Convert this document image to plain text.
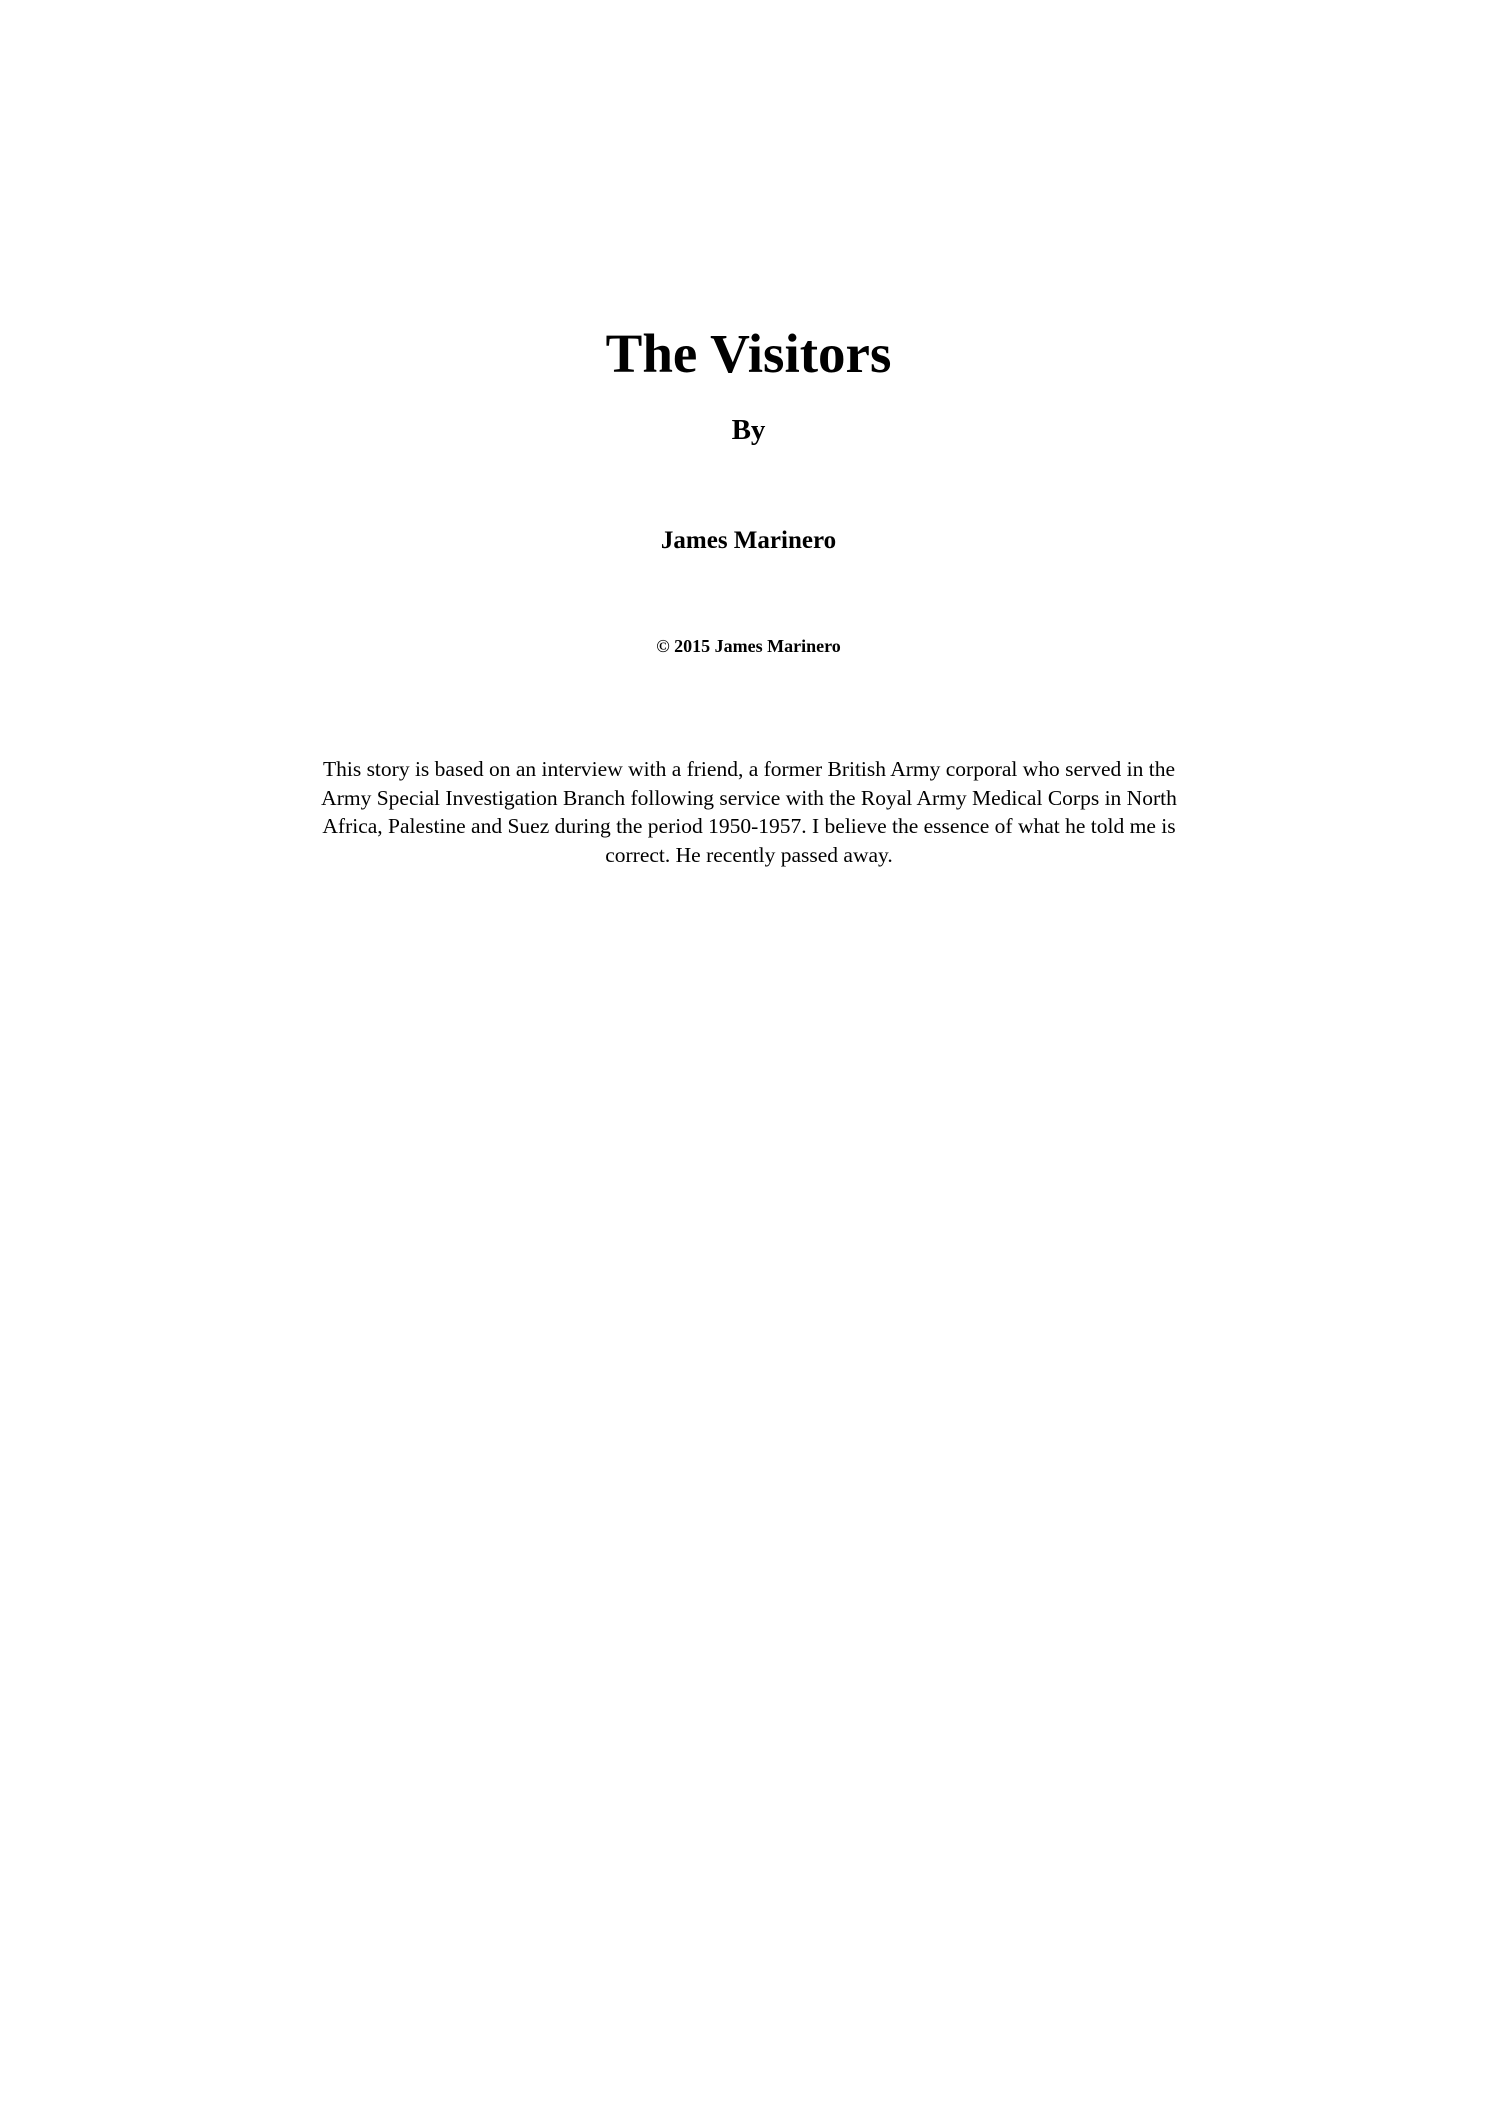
The Visitors
By
James Marinero
© 2015 James Marinero

This story is based on an interview with a friend, a former British Army corporal who served in the Army Special Investigation Branch following service with the Royal Army Medical Corps in North Africa, Palestine and Suez during the period 1950-1957. I believe the essence of what he told me is correct. He recently passed away.
